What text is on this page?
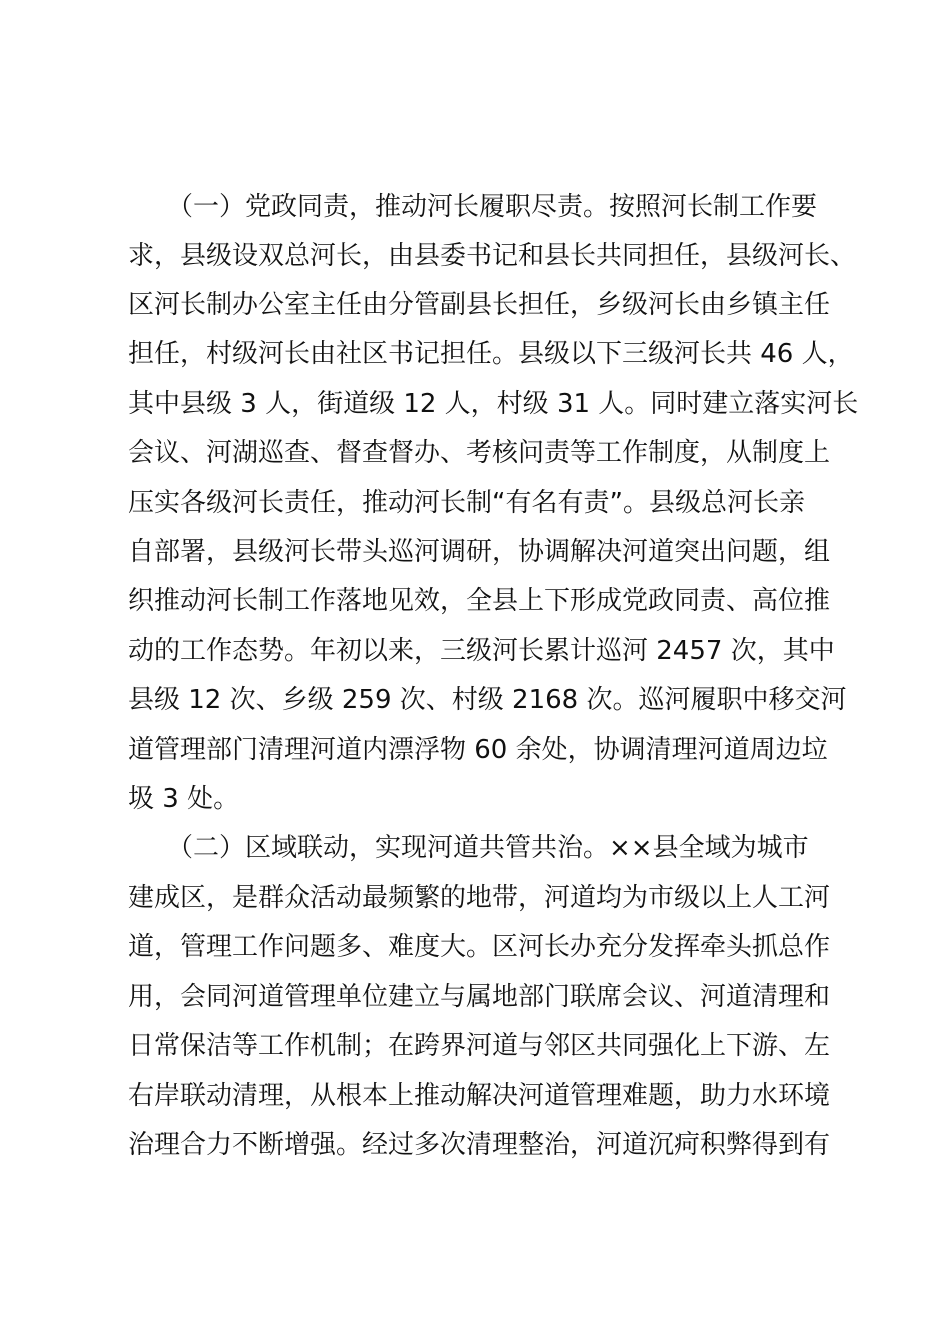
　　（一）党政同责，推动河长履职尽责。按照河长制工作要
求，县级设双总河长，由县委书记和县长共同担任，县级河长、
区河长制办公室主任由分管副县长担任，乡级河长由乡镇主任
担任，村级河长由社区书记担任。县级以下三级河长共 46 人，
其中县级 3 人，街道级 12 人，村级 31 人。同时建立落实河长
会议、河湖巡查、督查督办、考核问责等工作制度，从制度上
压实各级河长责任，推动河长制“有名有责”。县级总河长亲
自部署，县级河长带头巡河调研，协调解决河道突出问题，组
织推动河长制工作落地见效，全县上下形成党政同责、高位推
动的工作态势。年初以来，三级河长累计巡河 2457 次，其中
县级 12 次、乡级 259 次、村级 2168 次。巡河履职中移交河
道管理部门清理河道内漂浮物 60 余处，协调清理河道周边垃
圾 3 处。
　　（二）区域联动，实现河道共管共治。××县全域为城市
建成区，是群众活动最频繁的地带，河道均为市级以上人工河
道，管理工作问题多、难度大。区河长办充分发挥牵头抓总作
用，会同河道管理单位建立与属地部门联席会议、河道清理和
日常保洁等工作机制；在跨界河道与邻区共同强化上下游、左
右岸联动清理，从根本上推动解决河道管理难题，助力水环境
治理合力不断增强。经过多次清理整治，河道沉疴积弊得到有
